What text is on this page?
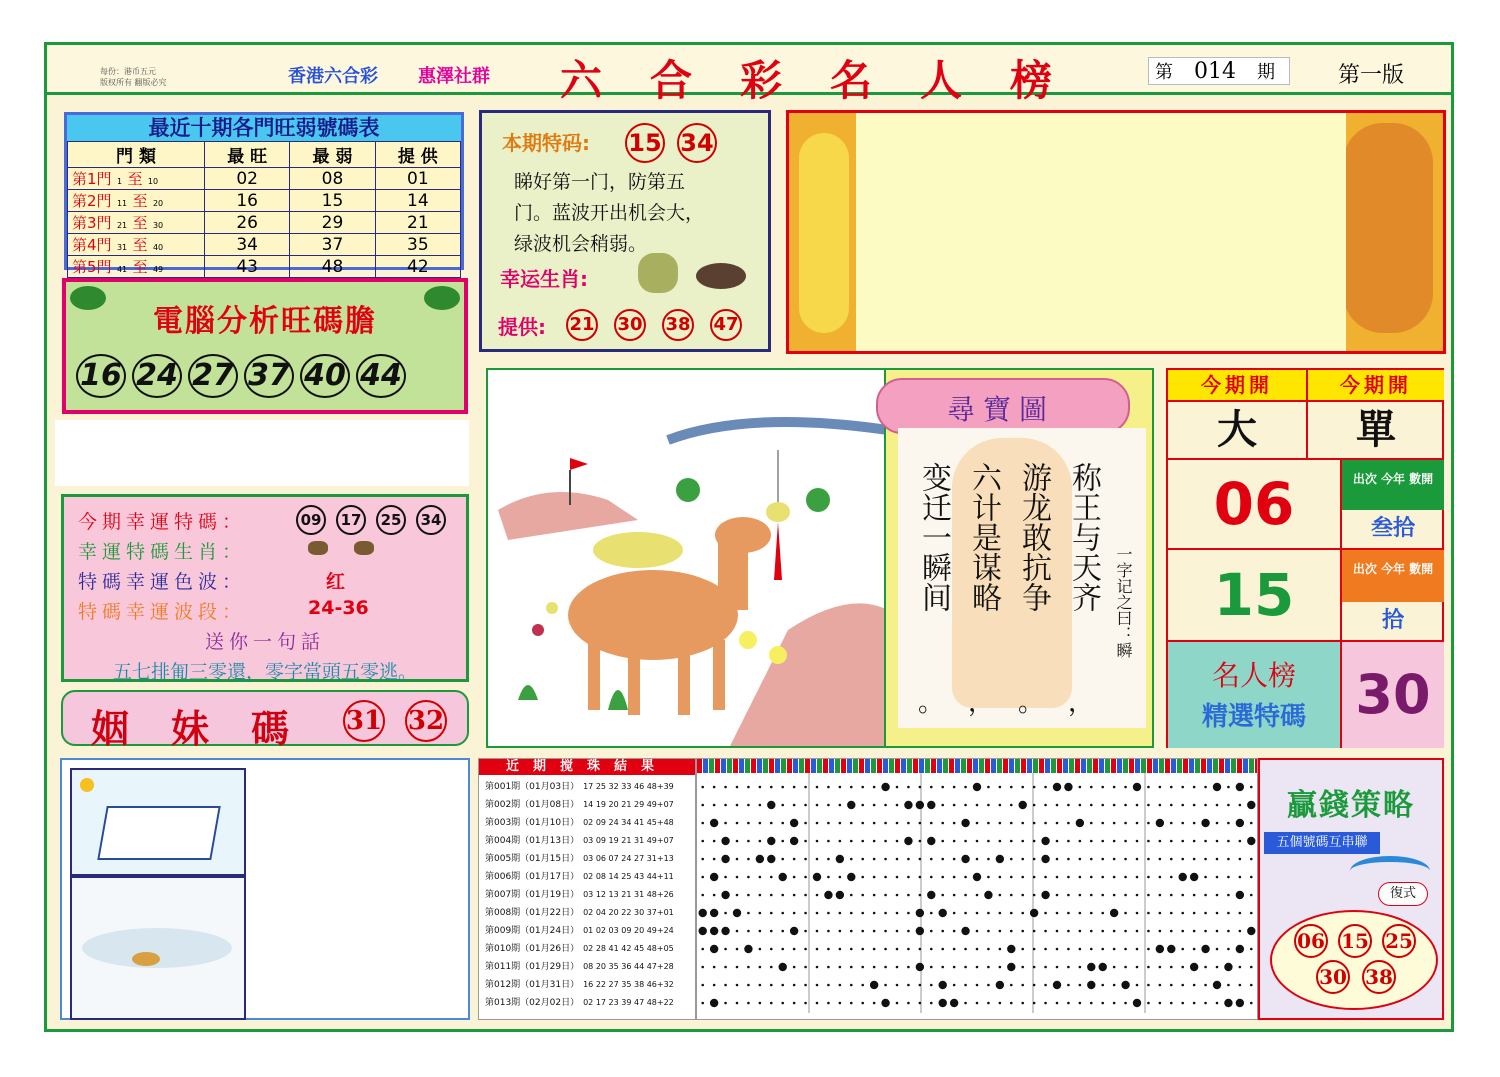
每份：港币五元
版权所有 翻版必究	香港六合彩 惠澤社群 六合彩名人榜	第 014 期	第一版
最近十期各門旺弱號碼表
門 類	最 旺	最 弱	提 供
第1門 1 至 10	02	08	01
第2門 11 至 20	16	15	14
第3門 21 至 30	26	29	21
第4門 31 至 40	34	37	35
第5門 41 至 49	43	48	42
電腦分析旺碼膽
16 24 27 37 40 44
本期特码: 15 34
睇好第一门，防第五
门。蓝波开出机会大，
绿波机会稍弱。
幸运生肖:
提供: 21 30 38 47
今期幸運特碼：	09 17 25 34
幸運特碼生肖：
特碼幸運色波：	红
特碼幸運波段：	24-36
送你一句話
五七排匍三零還，零字當頭五零逃。
姻妹碼 31 32
尋寶圖
称王与天齐
游龙敢抗争
六计是谋略
变迁一瞬间
，
。
，
。
一字记之曰：瞬
今期開	今期開
大	單
06	出次 今年 數開
叁拾
15	出次 今年 數開
拾
名人榜
精選特碼 30
近期搅珠結果
第001期（01月03日） 17 25 32 33 46 48+39
第002期（01月08日） 14 19 20 21 29 49+07
第003期（01月10日） 02 09 24 34 41 45+48
第004期（01月13日） 03 09 19 21 31 49+07
第005期（01月15日） 03 06 07 24 27 31+13
第006期（01月17日） 02 08 14 25 43 44+11
第007期（01月19日） 03 12 13 21 31 48+26
第008期（01月22日） 02 04 20 22 30 37+01
第009期（01月24日） 01 02 03 09 20 49+24
第010期（01月26日） 02 28 41 42 45 48+05
第011期（01月29日） 08 20 35 36 44 47+28
第012期（01月31日） 16 22 27 35 38 46+32
第013期（02月02日） 02 17 23 39 47 48+22
贏錢策略
五個號碼互串聯
復式
06 15 25
30 38
